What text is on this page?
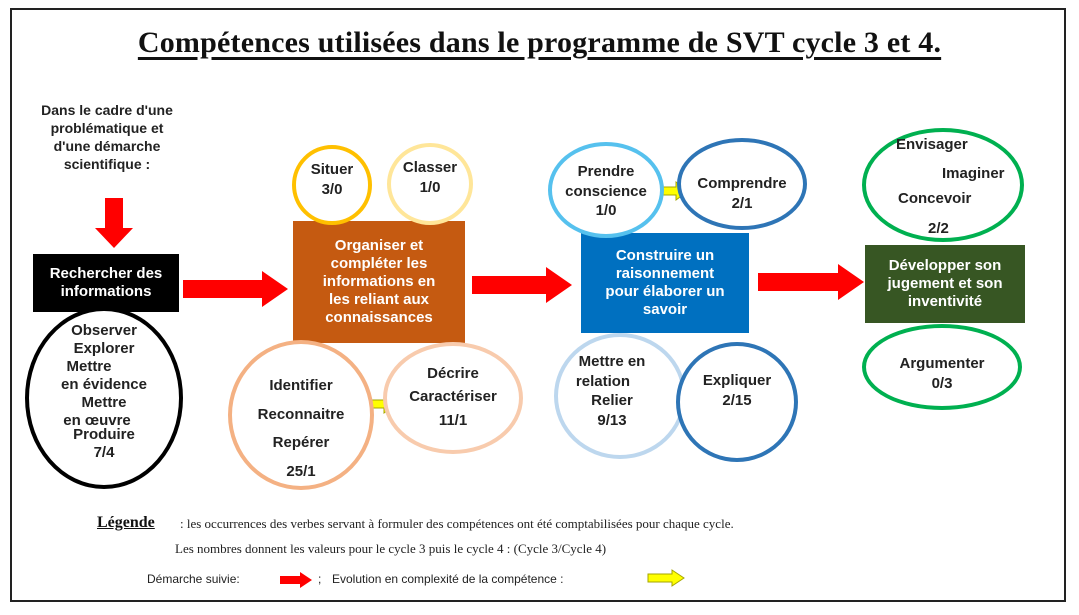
Compétences utilisées dans le programme de SVT cycle 3 et 4.
Dans le cadre d'une
problématique et
d'une démarche
scientifique :
Rechercher des
informations
Organiser et
compléter les
informations en
les reliant aux
connaissances
Construire un
raisonnement
pour élaborer un
savoir
Développer son
jugement et son
inventivité
Observer
Explorer
Mettre
en évidence
Mettre
en œuvre
Produire
7/4
Situer
3/0
Classer
1/0
Identifier
Reconnaitre
Repérer
25/1
Décrire
Caractériser
11/1
Prendre
conscience
1/0
Comprendre
2/1
Mettre en
relation
Relier
9/13
Expliquer
2/15
Envisager
Imaginer
Concevoir
2/2
Argumenter
0/3
Légende : les occurrences des verbes servant à formuler des compétences ont été comptabilisées pour chaque cycle.
Les nombres donnent les valeurs pour le cycle 3 puis le cycle 4 : (Cycle 3/Cycle 4)
Démarche suivie:	; Evolution en complexité de la compétence :
